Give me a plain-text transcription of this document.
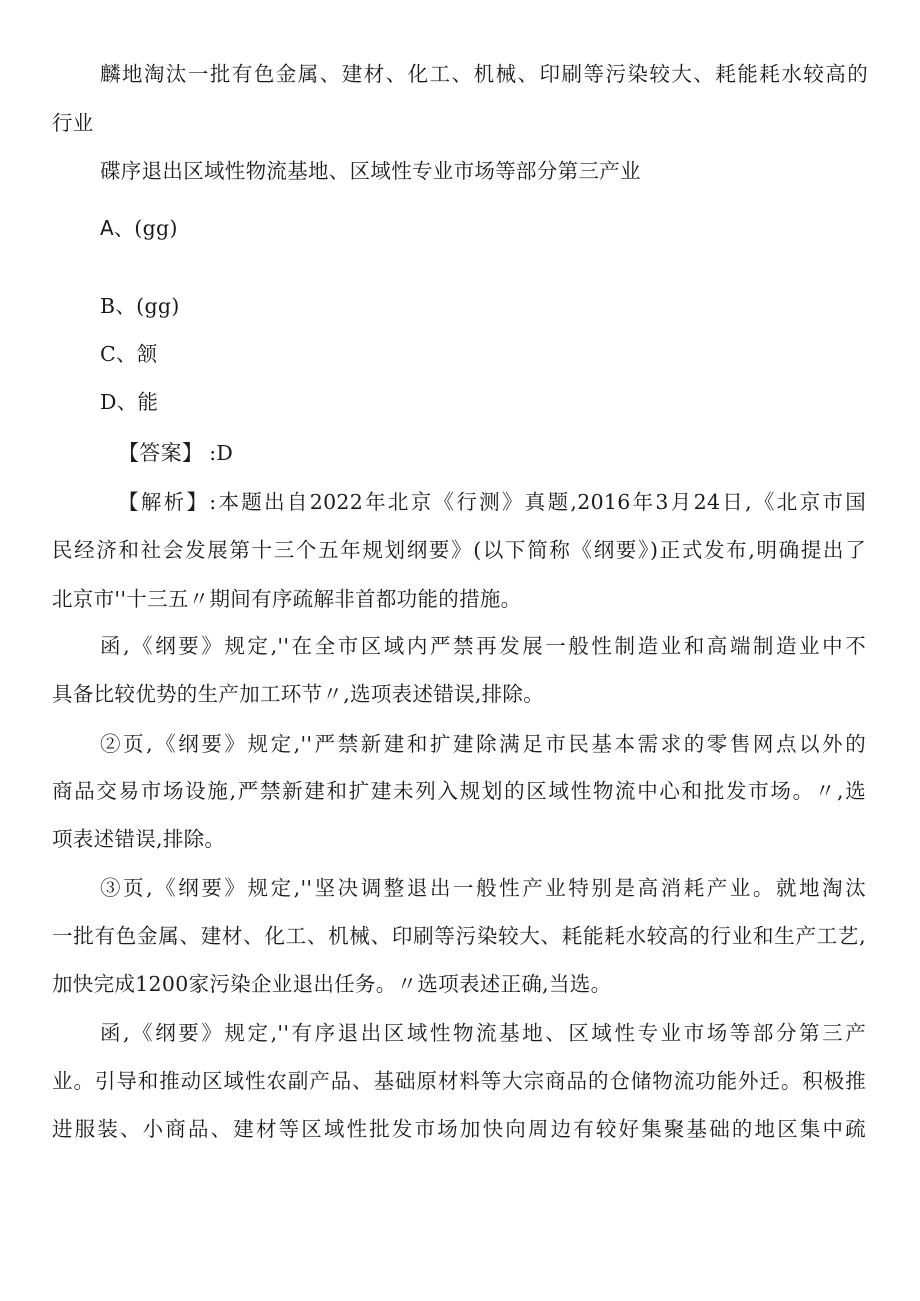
麟地淘汰一批有色金属、建材、化工、机械、印刷等污染较大、耗能耗水较高的
行业
碟序退出区域性物流基地、区域性专业市场等部分第三产业
A、(gg)
B、(gg)
C、颔
D、能
【答案】 :D
【解析】:本题出自2022年北京《行测》真题,2016年3月24日,《北京市国
民经济和社会发展第十三个五年规划纲要》(以下简称《纲要》)正式发布,明确提出了
北京市''十三五〃期间有序疏解非首都功能的措施。
函,《纲要》规定,''在全市区域内严禁再发展一般性制造业和高端制造业中不
具备比较优势的生产加工环节〃,选项表述错误,排除。
②页,《纲要》规定,''严禁新建和扩建除满足市民基本需求的零售网点以外的
商品交易市场设施,严禁新建和扩建未列入规划的区域性物流中心和批发市场。〃,选
项表述错误,排除。
③页,《纲要》规定,''坚决调整退出一般性产业特别是高消耗产业。就地淘汰
一批有色金属、建材、化工、机械、印刷等污染较大、耗能耗水较高的行业和生产工艺,
加快完成1200家污染企业退出任务。〃选项表述正确,当选。
函,《纲要》规定,''有序退出区域性物流基地、区域性专业市场等部分第三产
业。引导和推动区域性农副产品、基础原材料等大宗商品的仓储物流功能外迁。积极推
进服装、小商品、建材等区域性批发市场加快向周边有较好集聚基础的地区集中疏
